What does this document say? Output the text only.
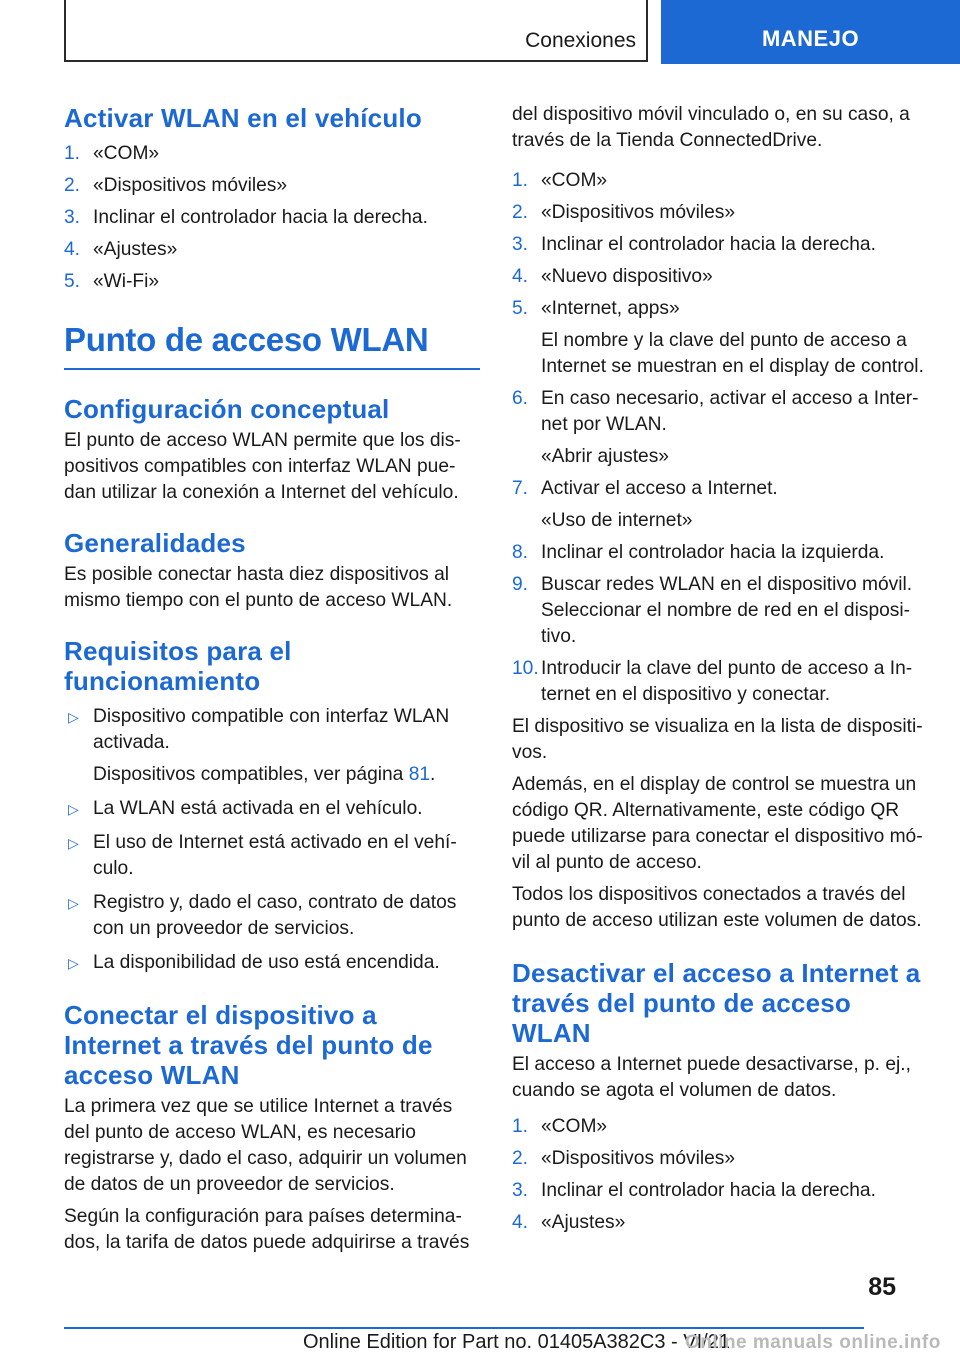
Conexiones	MANEJO
Activar WLAN en el vehículo
1. «COM»
2. «Dispositivos móviles»
3. Inclinar el controlador hacia la derecha.
4. «Ajustes»
5. «Wi-Fi»
Punto de acceso WLAN
Configuración conceptual

El punto de acceso WLAN permite que los dis-positivos compatibles con interfaz WLAN pue-dan utilizar la conexión a Internet del vehículo.

Generalidades

Es posible conectar hasta diez dispositivos al mismo tiempo con el punto de acceso WLAN.

Requisitos para el funcionamiento
▷ Dispositivo compatible con interfaz WLAN activada.
Dispositivos compatibles, ver página 81.
▷ La WLAN está activada en el vehículo.
▷ El uso de Internet está activado en el vehí-culo.
▷ Registro y, dado el caso, contrato de datos con un proveedor de servicios.
▷ La disponibilidad de uso está encendida.
Conectar el dispositivo a Internet a través del punto de acceso WLAN

La primera vez que se utilice Internet a través del punto de acceso WLAN, es necesario registrarse y, dado el caso, adquirir un volumen de datos de un proveedor de servicios.

Según la configuración para países determina-dos, la tarifa de datos puede adquirirse a través

del dispositivo móvil vinculado o, en su caso, a través de la Tienda ConnectedDrive.

1. «COM»
2. «Dispositivos móviles»
3. Inclinar el controlador hacia la derecha.
4. «Nuevo dispositivo»
5. «Internet, apps»
El nombre y la clave del punto de acceso a Internet se muestran en el display de control.
6. En caso necesario, activar el acceso a Inter-net por WLAN.
«Abrir ajustes»
7. Activar el acceso a Internet.
«Uso de internet»
8. Inclinar el controlador hacia la izquierda.
9. Buscar redes WLAN en el dispositivo móvil. Seleccionar el nombre de red en el disposi-tivo.
10. Introducir la clave del punto de acceso a In-ternet en el dispositivo y conectar.

El dispositivo se visualiza en la lista de dispositi-vos.

Además, en el display de control se muestra un código QR. Alternativamente, este código QR puede utilizarse para conectar el dispositivo mó-vil al punto de acceso.

Todos los dispositivos conectados a través del punto de acceso utilizan este volumen de datos.

Desactivar el acceso a Internet a través del punto de acceso WLAN

El acceso a Internet puede desactivarse, p. ej., cuando se agota el volumen de datos.

1. «COM»
2. «Dispositivos móviles»
3. Inclinar el controlador hacia la derecha.
4. «Ajustes»
85
Online Edition for Part no. 01405A382C3 - VI/21
Online manuals online.info
